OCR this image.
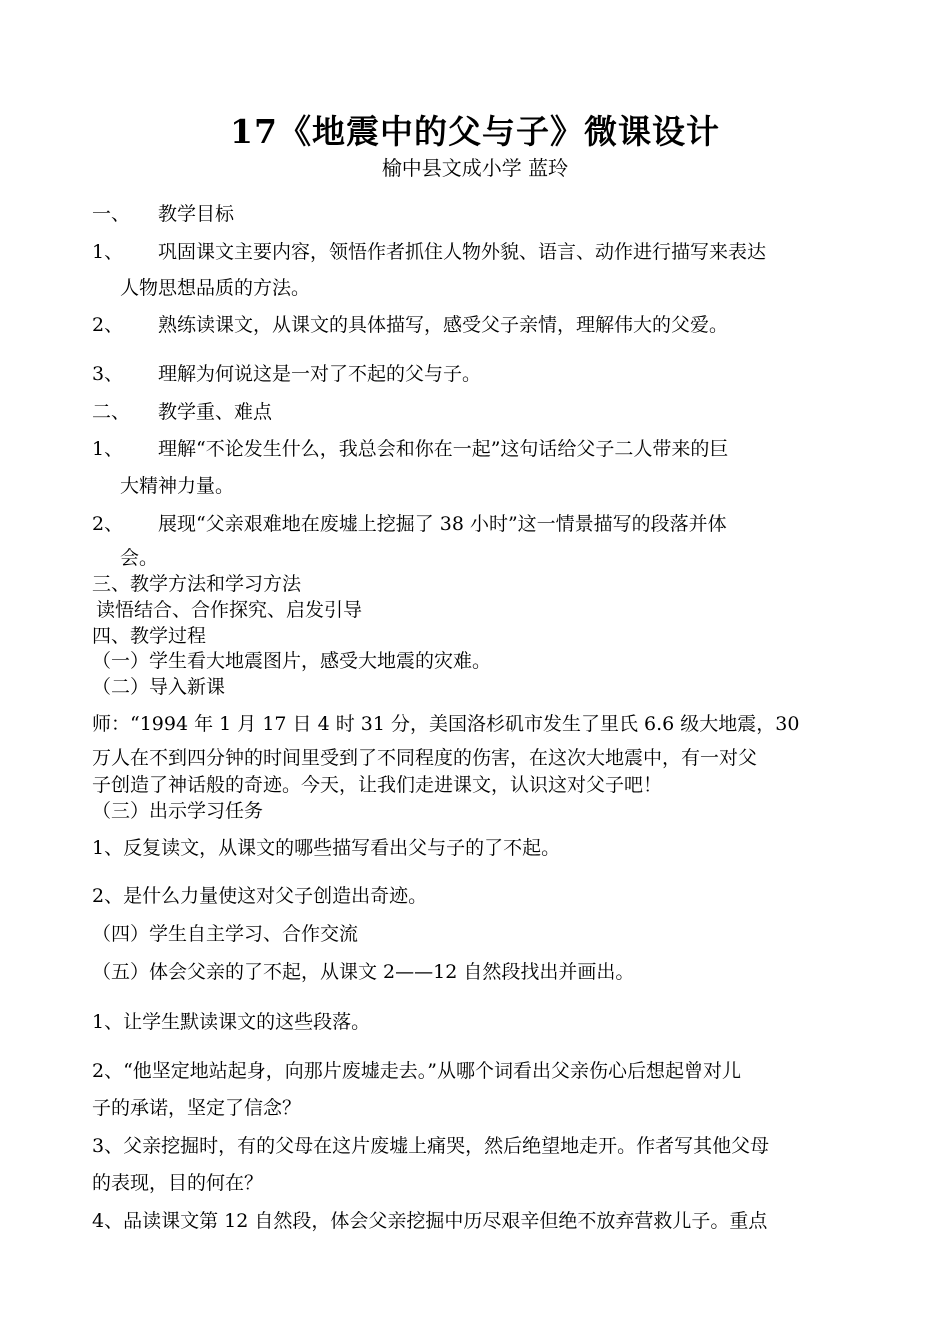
17《地震中的父与子》微课设计
榆中县文成小学 蓝玲
一、 教学目标
1、 巩固课文主要内容，领悟作者抓住人物外貌、语言、动作进行描写来表达
人物思想品质的方法。
2、 熟练读课文，从课文的具体描写，感受父子亲情，理解伟大的父爱。
3、 理解为何说这是一对了不起的父与子。
二、 教学重、难点
1、 理解“不论发生什么，我总会和你在一起”这句话给父子二人带来的巨
大精神力量。
2、 展现“父亲艰难地在废墟上挖掘了 38 小时”这一情景描写的段落并体
会。
三、教学方法和学习方法
读悟结合、合作探究、启发引导
四、教学过程
（一）学生看大地震图片，感受大地震的灾难。
（二）导入新课
师：“1994 年 1 月 17 日 4 时 31 分，美国洛杉矶市发生了里氏 6.6 级大地震，30
万人在不到四分钟的时间里受到了不同程度的伤害，在这次大地震中，有一对父
子创造了神话般的奇迹。今天，让我们走进课文，认识这对父子吧！
（三）出示学习任务
1、反复读文，从课文的哪些描写看出父与子的了不起。
2、是什么力量使这对父子创造出奇迹。
（四）学生自主学习、合作交流
（五）体会父亲的了不起，从课文 2——12 自然段找出并画出。
1、让学生默读课文的这些段落。
2、“他坚定地站起身，向那片废墟走去。”从哪个词看出父亲伤心后想起曾对儿
子的承诺，坚定了信念？
3、父亲挖掘时，有的父母在这片废墟上痛哭，然后绝望地走开。作者写其他父母
的表现，目的何在？
4、品读课文第 12 自然段，体会父亲挖掘中历尽艰辛但绝不放弃营救儿子。重点
